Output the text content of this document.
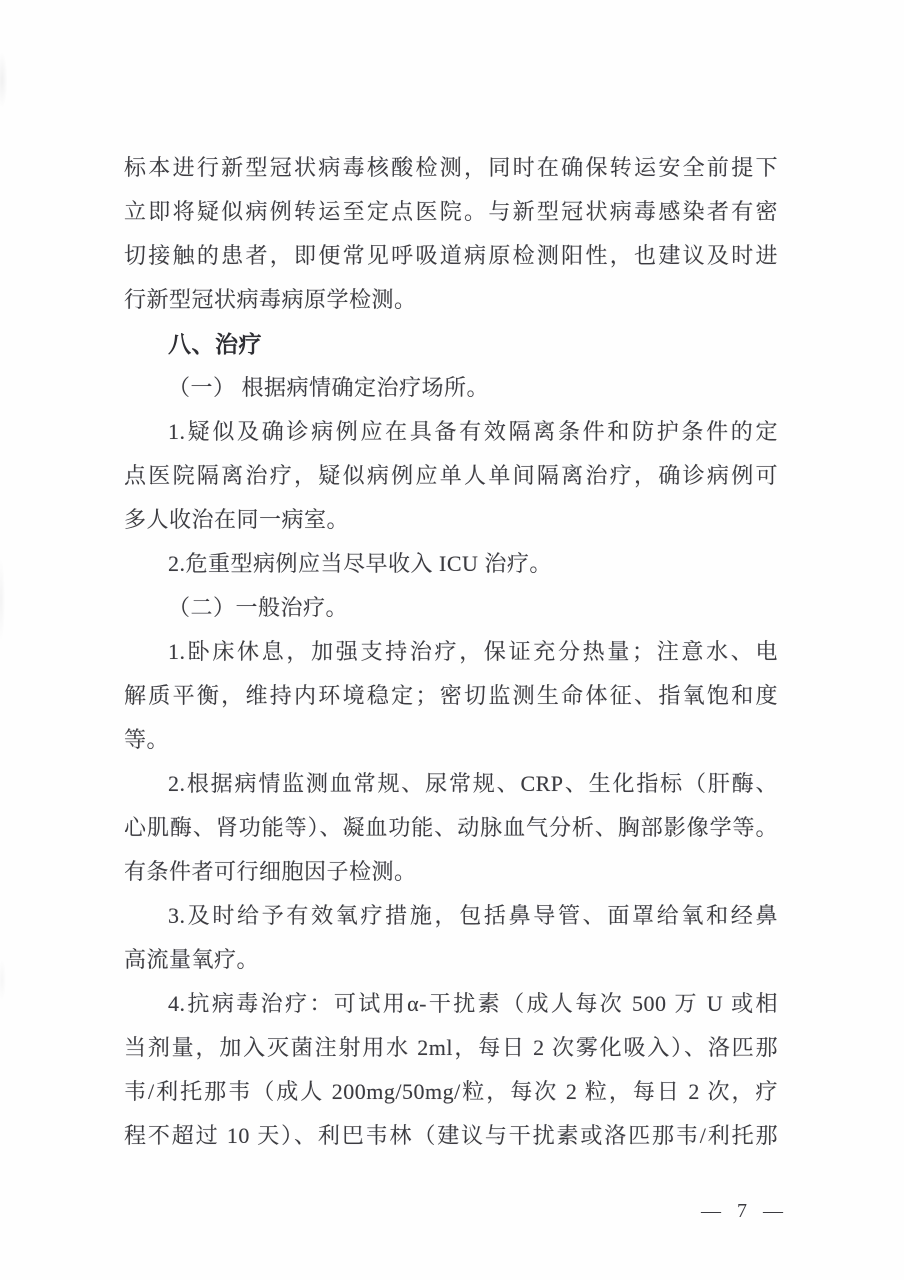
标本进行新型冠状病毒核酸检测，同时在确保转运安全前提下
立即将疑似病例转运至定点医院。与新型冠状病毒感染者有密
切接触的患者，即便常见呼吸道病原检测阳性，也建议及时进
行新型冠状病毒病原学检测。
八、治疗
（一） 根据病情确定治疗场所。
1.疑似及确诊病例应在具备有效隔离条件和防护条件的定
点医院隔离治疗，疑似病例应单人单间隔离治疗，确诊病例可
多人收治在同一病室。
2.危重型病例应当尽早收入 ICU 治疗。
（二）一般治疗。
1.卧床休息，加强支持治疗，保证充分热量；注意水、电
解质平衡，维持内环境稳定；密切监测生命体征、指氧饱和度
等。
2.根据病情监测血常规、尿常规、CRP、生化指标（肝酶、
心肌酶、肾功能等）、凝血功能、动脉血气分析、胸部影像学等。
有条件者可行细胞因子检测。
3.及时给予有效氧疗措施，包括鼻导管、面罩给氧和经鼻
高流量氧疗。
4.抗病毒治疗：可试用α-干扰素（成人每次 500 万 U 或相
当剂量，加入灭菌注射用水 2ml，每日 2 次雾化吸入）、洛匹那
韦/利托那韦（成人 200mg/50mg/粒，每次 2 粒，每日 2 次，疗
程不超过 10 天）、利巴韦林（建议与干扰素或洛匹那韦/利托那
— 7 —
